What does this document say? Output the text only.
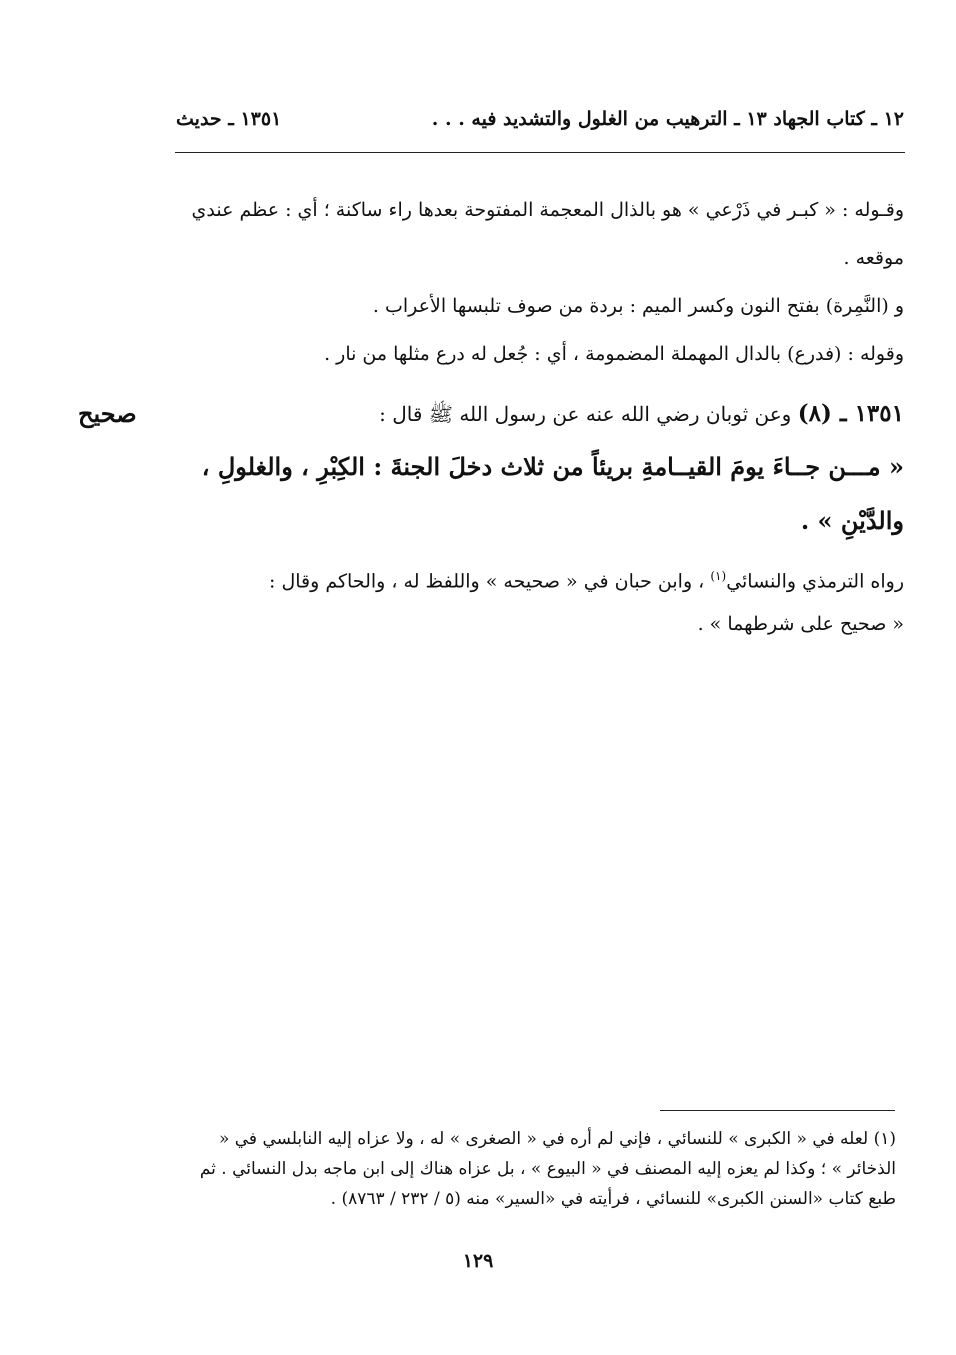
١٢ ـ كتاب الجهاد ١٣ ـ الترهيب من الغلول والتشديد فيه . . .
١٣٥١ ـ حديث
وقـوله : « كبـر في ذَرْعي » هو بالذال المعجمة المفتوحة بعدها راء ساكنة ؛ أي : عظم عندي موقعه .
و (النَّمِرة) بفتح النون وكسر الميم : بردة من صوف تلبسها الأعراب .
وقوله : (فدرع) بالدال المهملة المضمومة ، أي : جُعل له درع مثلها من نار .
١٣٥١ ـ (٨) وعن ثوبان رضي الله عنه عن رسول الله ﷺ قال :
صحيح
« مـــن جــاءَ يومَ القيــامةِ بريئاً من ثلاث دخلَ الجنةَ : الكِبْرِ ، والغلولِ ، والدَّيْنِ » .
رواه الترمذي والنسائي$^{(١)}$ ، وابن حبان في « صحيحه » واللفظ له ، والحاكم وقال :
« صحيح على شرطهما » .
(١) لعله في « الكبرى » للنسائي ، فإني لم أره في « الصغرى » له ، ولا عزاه إليه النابلسي في « الذخائر » ؛ وكذا لم يعزه إليه المصنف في « البيوع » ، بل عزاه هناك إلى ابن ماجه بدل النسائي . ثم طبع كتاب «السنن الكبرى» للنسائي ، فرأيته في «السير» منه (٥ / ٢٣٢ / ٨٧٦٣) .
١٢٩
